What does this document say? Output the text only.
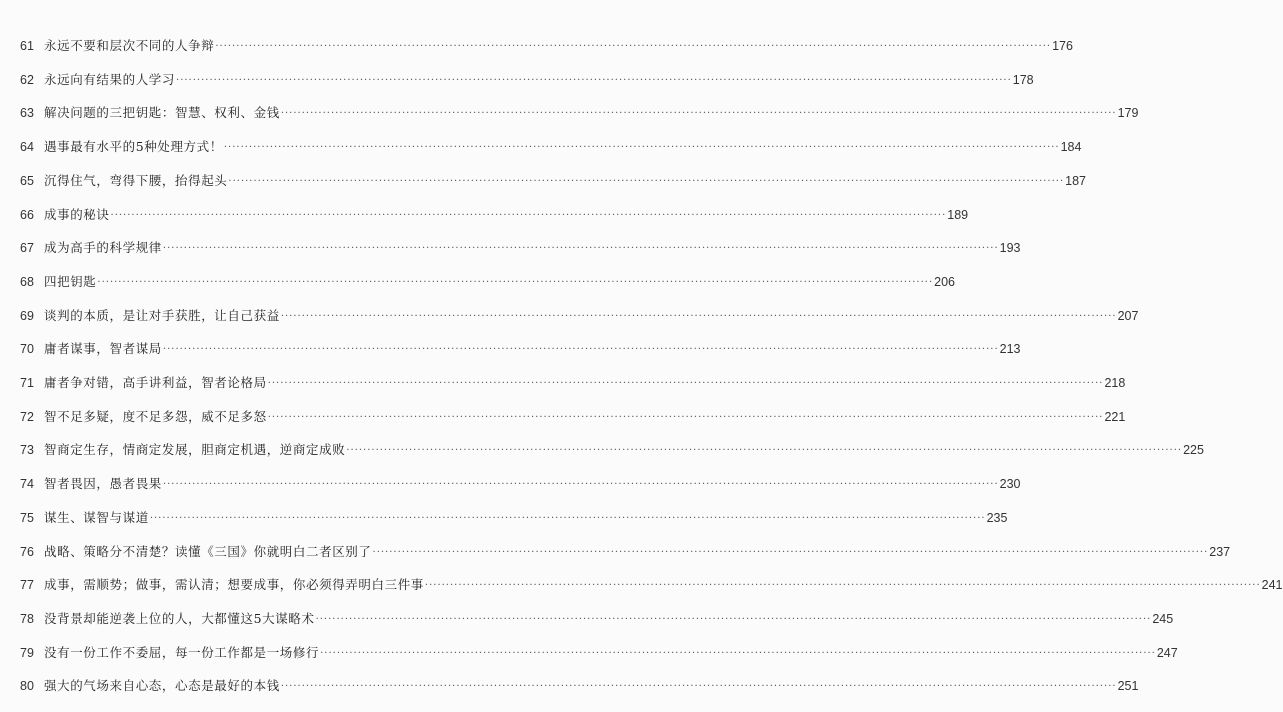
61 永远不要和层次不同的人争辩 ········································································································································································································ 176
62 永远向有结果的人学习 ········································································································································································································ 178
63 解决问题的三把钥匙：智慧、权利、金钱 ········································································································································································································ 179
64 遇事最有水平的5种处理方式！ ········································································································································································································ 184
65 沉得住气，弯得下腰，抬得起头 ········································································································································································································ 187
66 成事的秘诀 ········································································································································································································ 189
67 成为高手的科学规律 ········································································································································································································ 193
68 四把钥匙 ········································································································································································································ 206
69 谈判的本质，是让对手获胜，让自己获益 ········································································································································································································ 207
70 庸者谋事，智者谋局 ········································································································································································································ 213
71 庸者争对错，高手讲利益，智者论格局 ········································································································································································································ 218
72 智不足多疑，度不足多怨，威不足多怒 ········································································································································································································ 221
73 智商定生存，情商定发展，胆商定机遇，逆商定成败 ········································································································································································································ 225
74 智者畏因，愚者畏果 ········································································································································································································ 230
75 谋生、谋智与谋道 ········································································································································································································ 235
76 战略、策略分不清楚？读懂《三国》你就明白二者区别了 ········································································································································································································ 237
77 成事，需顺势；做事，需认清；想要成事，你必须得弄明白三件事 ········································································································································································································ 241
78 没背景却能逆袭上位的人，大都懂这5大谋略术 ········································································································································································································ 245
79 没有一份工作不委屈，每一份工作都是一场修行 ········································································································································································································ 247
80 强大的气场来自心态，心态是最好的本钱 ········································································································································································································ 251
